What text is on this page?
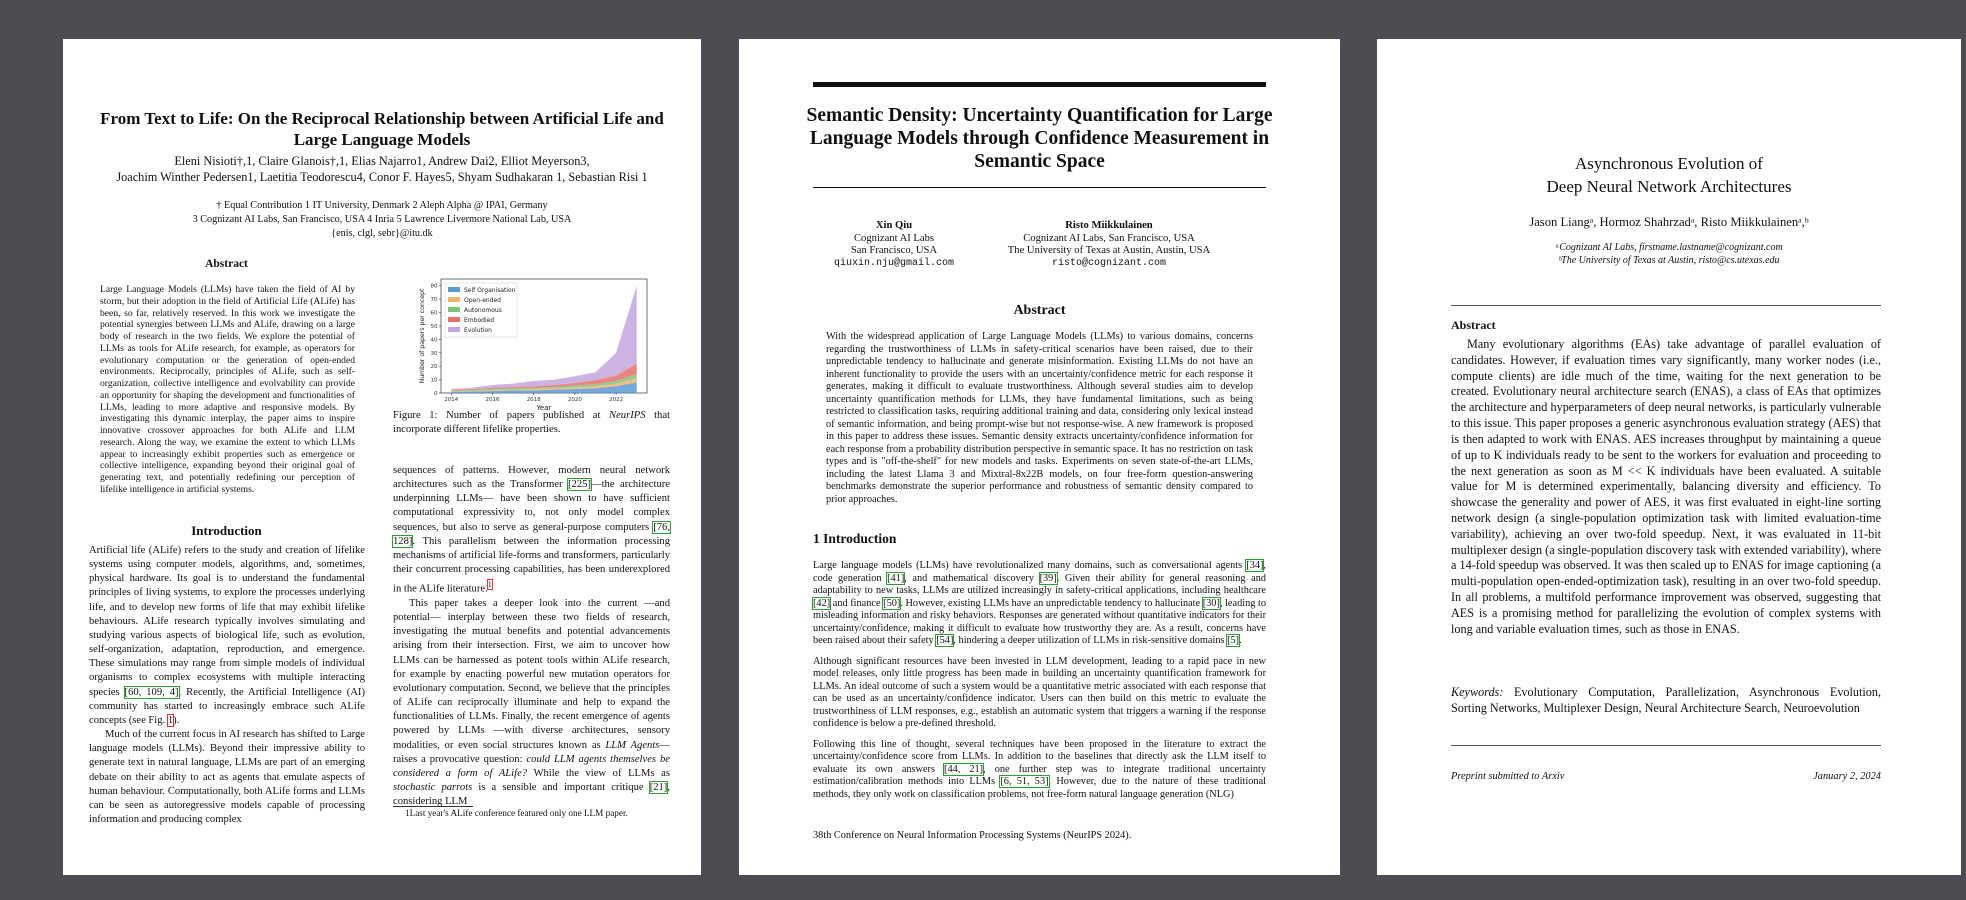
From Text to Life: On the Reciprocal Relationship between Artificial Life and Large Language Models
Eleni Nisioti†,1, Claire Glanois†,1, Elias Najarro1, Andrew Dai2, Elliot Meyerson3,
Joachim Winther Pedersen1, Laetitia Teodorescu4, Conor F. Hayes5, Shyam Sudhakaran 1, Sebastian Risi 1
† Equal Contribution 1 IT University, Denmark 2 Aleph Alpha @ IPAI, Germany
3 Cognizant AI Labs, San Francisco, USA 4 Inria 5 Lawrence Livermore National Lab, USA
{enis, clgl, sebr}@itu.dk
Abstract
Large Language Models (LLMs) have taken the field of AI by storm, but their adoption in the field of Artificial Life (ALife) has been, so far, relatively reserved. In this work we investigate the potential synergies between LLMs and ALife, drawing on a large body of research in the two fields. We explore the potential of LLMs as tools for ALife research, for example, as operators for evolutionary computation or the generation of open-ended environments. Reciprocally, principles of ALife, such as self-organization, collective intelligence and evolvability can provide an opportunity for shaping the development and functionalities of LLMs, leading to more adaptive and responsive models. By investigating this dynamic interplay, the paper aims to inspire innovative crossover approaches for both ALife and LLM research. Along the way, we examine the extent to which LLMs appear to increasingly exhibit properties such as emergence or collective intelligence, expanding beyond their original goal of generating text, and potentially redefining our perception of lifelike intelligence in artificial systems.
0
10
20
30
40
50
60
70
80
2014	2016	2018	2020	2022
Year
Number of papers per concept	Self Organisation
Open-ended
Autonomous
Embodied
Evolution
Figure 1: Number of papers published at NeurIPS that incorporate different lifelike properties.
Introduction
Artificial life (ALife) refers to the study and creation of lifelike systems using computer models, algorithms, and, sometimes, physical hardware. Its goal is to understand the fundamental principles of living systems, to explore the processes underlying life, and to develop new forms of life that may exhibit lifelike behaviours. ALife research typically involves simulating and studying various aspects of biological life, such as evolution, self-organization, adaptation, reproduction, and emergence. These simulations may range from simple models of individual organisms to complex ecosystems with multiple interacting species [60, 109, 4]. Recently, the Artificial Intelligence (AI) community has started to increasingly embrace such ALife concepts (see Fig. 1).
Much of the current focus in AI research has shifted to Large language models (LLMs). Beyond their impressive ability to generate text in natural language, LLMs are part of an emerging debate on their ability to act as agents that emulate aspects of human behaviour. Computationally, both ALife forms and LLMs can be seen as autoregressive models capable of processing information and producing complex
sequences of patterns. However, modern neural network architectures such as the Transformer [225]—the architecture underpinning LLMs— have been shown to have sufficient computational expressivity to, not only model complex sequences, but also to serve as general-purpose computers [76, 128]. This parallelism between the information processing mechanisms of artificial life-forms and transformers, particularly their concurrent processing capabilities, has been underexplored in the ALife literature.$^1$
This paper takes a deeper look into the current —and potential— interplay between these two fields of research, investigating the mutual benefits and potential advancements arising from their intersection. First, we aim to uncover how LLMs can be harnessed as potent tools within ALife research, for example by enacting powerful new mutation operators for evolutionary computation. Second, we believe that the principles of ALife can reciprocally illuminate and help to expand the functionalities of LLMs. Finally, the recent emergence of agents powered by LLMs —with diverse architectures, sensory modalities, or even social structures known as LLM Agents— raises a provocative question: could LLM agents themselves be considered a form of ALife? While the view of LLMs as stochastic parrots is a sensible and important critique [21], considering LLM
1Last year's ALife conference featured only one LLM paper.
Semantic Density: Uncertainty Quantification for Large Language Models through Confidence Measurement in Semantic Space
Xin Qiu
Cognizant AI Labs
San Francisco, USA
qiuxin.nju@gmail.com
Risto Miikkulainen
Cognizant AI Labs, San Francisco, USA
The University of Texas at Austin, Austin, USA
risto@cognizant.com
Abstract
With the widespread application of Large Language Models (LLMs) to various domains, concerns regarding the trustworthiness of LLMs in safety-critical scenarios have been raised, due to their unpredictable tendency to hallucinate and generate misinformation. Existing LLMs do not have an inherent functionality to provide the users with an uncertainty/confidence metric for each response it generates, making it difficult to evaluate trustworthiness. Although several studies aim to develop uncertainty quantification methods for LLMs, they have fundamental limitations, such as being restricted to classification tasks, requiring additional training and data, considering only lexical instead of semantic information, and being prompt-wise but not response-wise. A new framework is proposed in this paper to address these issues. Semantic density extracts uncertainty/confidence information for each response from a probability distribution perspective in semantic space. It has no restriction on task types and is "off-the-shelf" for new models and tasks. Experiments on seven state-of-the-art LLMs, including the latest Llama 3 and Mixtral-8x22B models, on four free-form question-answering benchmarks demonstrate the superior performance and robustness of semantic density compared to prior approaches.
1 Introduction

Large language models (LLMs) have revolutionalized many domains, such as conversational agents [34], code generation [41], and mathematical discovery [39]. Given their ability for general reasoning and adaptability to new tasks, LLMs are utilized increasingly in safety-critical applications, including healthcare [42] and finance [50]. However, existing LLMs have an unpredictable tendency to hallucinate [30], leading to misleading information and risky behaviors. Responses are generated without quantitative indicators for their uncertainty/confidence, making it difficult to evaluate how trustworthy they are. As a result, concerns have been raised about their safety [54], hindering a deeper utilization of LLMs in risk-sensitive domains [5].

Although significant resources have been invested in LLM development, leading to a rapid pace in new model releases, only little progress has been made in building an uncertainty quantification framework for LLMs. An ideal outcome of such a system would be a quantitative metric associated with each response that can be used as an uncertainty/confidence indicator. Users can then build on this metric to evaluate the trustworthiness of LLM responses, e.g., establish an automatic system that triggers a warning if the response confidence is below a pre-defined threshold.

Following this line of thought, several techniques have been proposed in the literature to extract the uncertainty/confidence score from LLMs. In addition to the baselines that directly ask the LLM itself to evaluate its own answers [44, 21], one further step was to integrate traditional uncertainty estimation/calibration methods into LLMs [6, 51, 53]. However, due to the nature of these traditional methods, they only work on classification problems, not free-form natural language generation (NLG)

38th Conference on Neural Information Processing Systems (NeurIPS 2024).
Asynchronous Evolution of
Deep Neural Network Architectures
Jason Liangᵃ, Hormoz Shahrzadᵃ, Risto Miikkulainenᵃ,ᵇ
ᵃCognizant AI Labs, firstname.lastname@cognizant.com
ᵇThe University of Texas at Austin, risto@cs.utexas.edu
Abstract
Many evolutionary algorithms (EAs) take advantage of parallel evaluation of candidates. However, if evaluation times vary significantly, many worker nodes (i.e., compute clients) are idle much of the time, waiting for the next generation to be created. Evolutionary neural architecture search (ENAS), a class of EAs that optimizes the architecture and hyperparameters of deep neural networks, is particularly vulnerable to this issue. This paper proposes a generic asynchronous evaluation strategy (AES) that is then adapted to work with ENAS. AES increases throughput by maintaining a queue of up to K individuals ready to be sent to the workers for evaluation and proceeding to the next generation as soon as M << K individuals have been evaluated. A suitable value for M is determined experimentally, balancing diversity and efficiency. To showcase the generality and power of AES, it was first evaluated in eight-line sorting network design (a single-population optimization task with limited evaluation-time variability), achieving an over two-fold speedup. Next, it was evaluated in 11-bit multiplexer design (a single-population discovery task with extended variability), where a 14-fold speedup was observed. It was then scaled up to ENAS for image captioning (a multi-population open-ended-optimization task), resulting in an over two-fold speedup. In all problems, a multifold performance improvement was observed, suggesting that AES is a promising method for parallelizing the evolution of complex systems with long and variable evaluation times, such as those in ENAS.
Keywords: Evolutionary Computation, Parallelization, Asynchronous Evolution, Sorting Networks, Multiplexer Design, Neural Architecture Search, Neuroevolution
Preprint submitted to Arxiv	January 2, 2024
